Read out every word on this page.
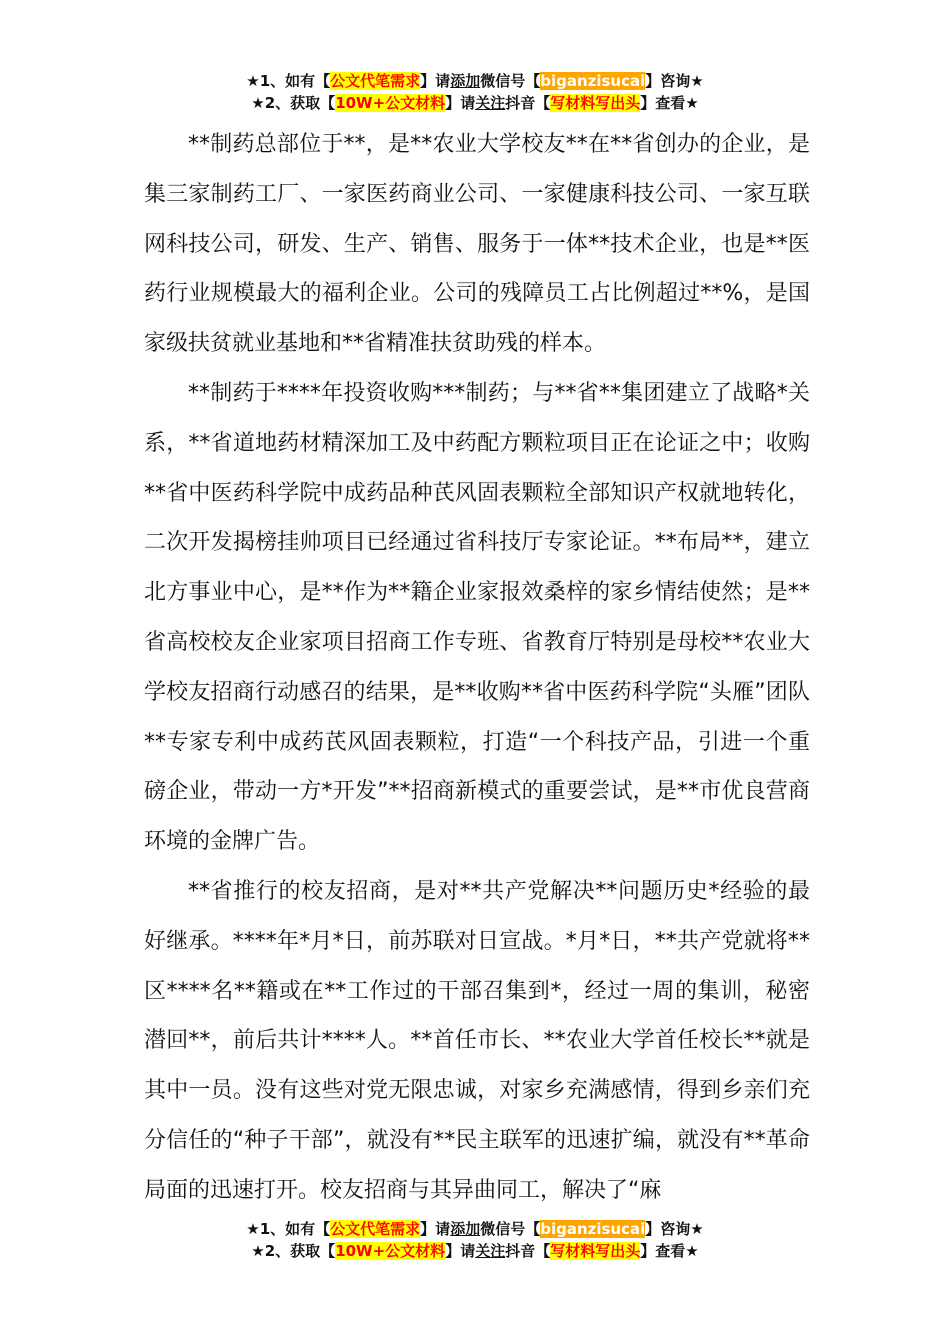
★1、如有【公文代笔需求】请添加微信号【biganzisucai】咨询★
★2、获取【10W+公文材料】请关注抖音【写材料写出头】查看★

**制药总部位于**，是**农业大学校友**在**省创办的企业，是集三家制药工厂、一家医药商业公司、一家健康科技公司、一家互联网科技公司，研发、生产、销售、服务于一体**技术企业，也是**医药行业规模最大的福利企业。公司的残障员工占比例超过**%，是国家级扶贫就业基地和**省精准扶贫助残的样本。

**制药于****年投资收购***制药；与**省**集团建立了战略*关系，**省道地药材精深加工及中药配方颗粒项目正在论证之中；收购**省中医药科学院中成药品种芪风固表颗粒全部知识产权就地转化，二次开发揭榜挂帅项目已经通过省科技厅专家论证。**布局**，建立北方事业中心，是**作为**籍企业家报效桑梓的家乡情结使然；是**省高校校友企业家项目招商工作专班、省教育厅特别是母校**农业大学校友招商行动感召的结果，是**收购**省中医药科学院“头雁”团队**专家专利中成药芪风固表颗粒，打造“一个科技产品，引进一个重磅企业，带动一方*开发”**招商新模式的重要尝试，是**市优良营商环境的金牌广告。

**省推行的校友招商，是对**共产党解决**问题历史*经验的最好继承。****年*月*日，前苏联对日宣战。*月*日，**共产党就将**区****名**籍或在**工作过的干部召集到*，经过一周的集训，秘密潜回**，前后共计****人。**首任市长、**农业大学首任校长**就是其中一员。没有这些对党无限忠诚，对家乡充满感情，得到乡亲们充分信任的“种子干部”，就没有**民主联军的迅速扩编，就没有**革命局面的迅速打开。校友招商与其异曲同工，解决了“麻

★1、如有【公文代笔需求】请添加微信号【biganzisucai】咨询★
★2、获取【10W+公文材料】请关注抖音【写材料写出头】查看★
